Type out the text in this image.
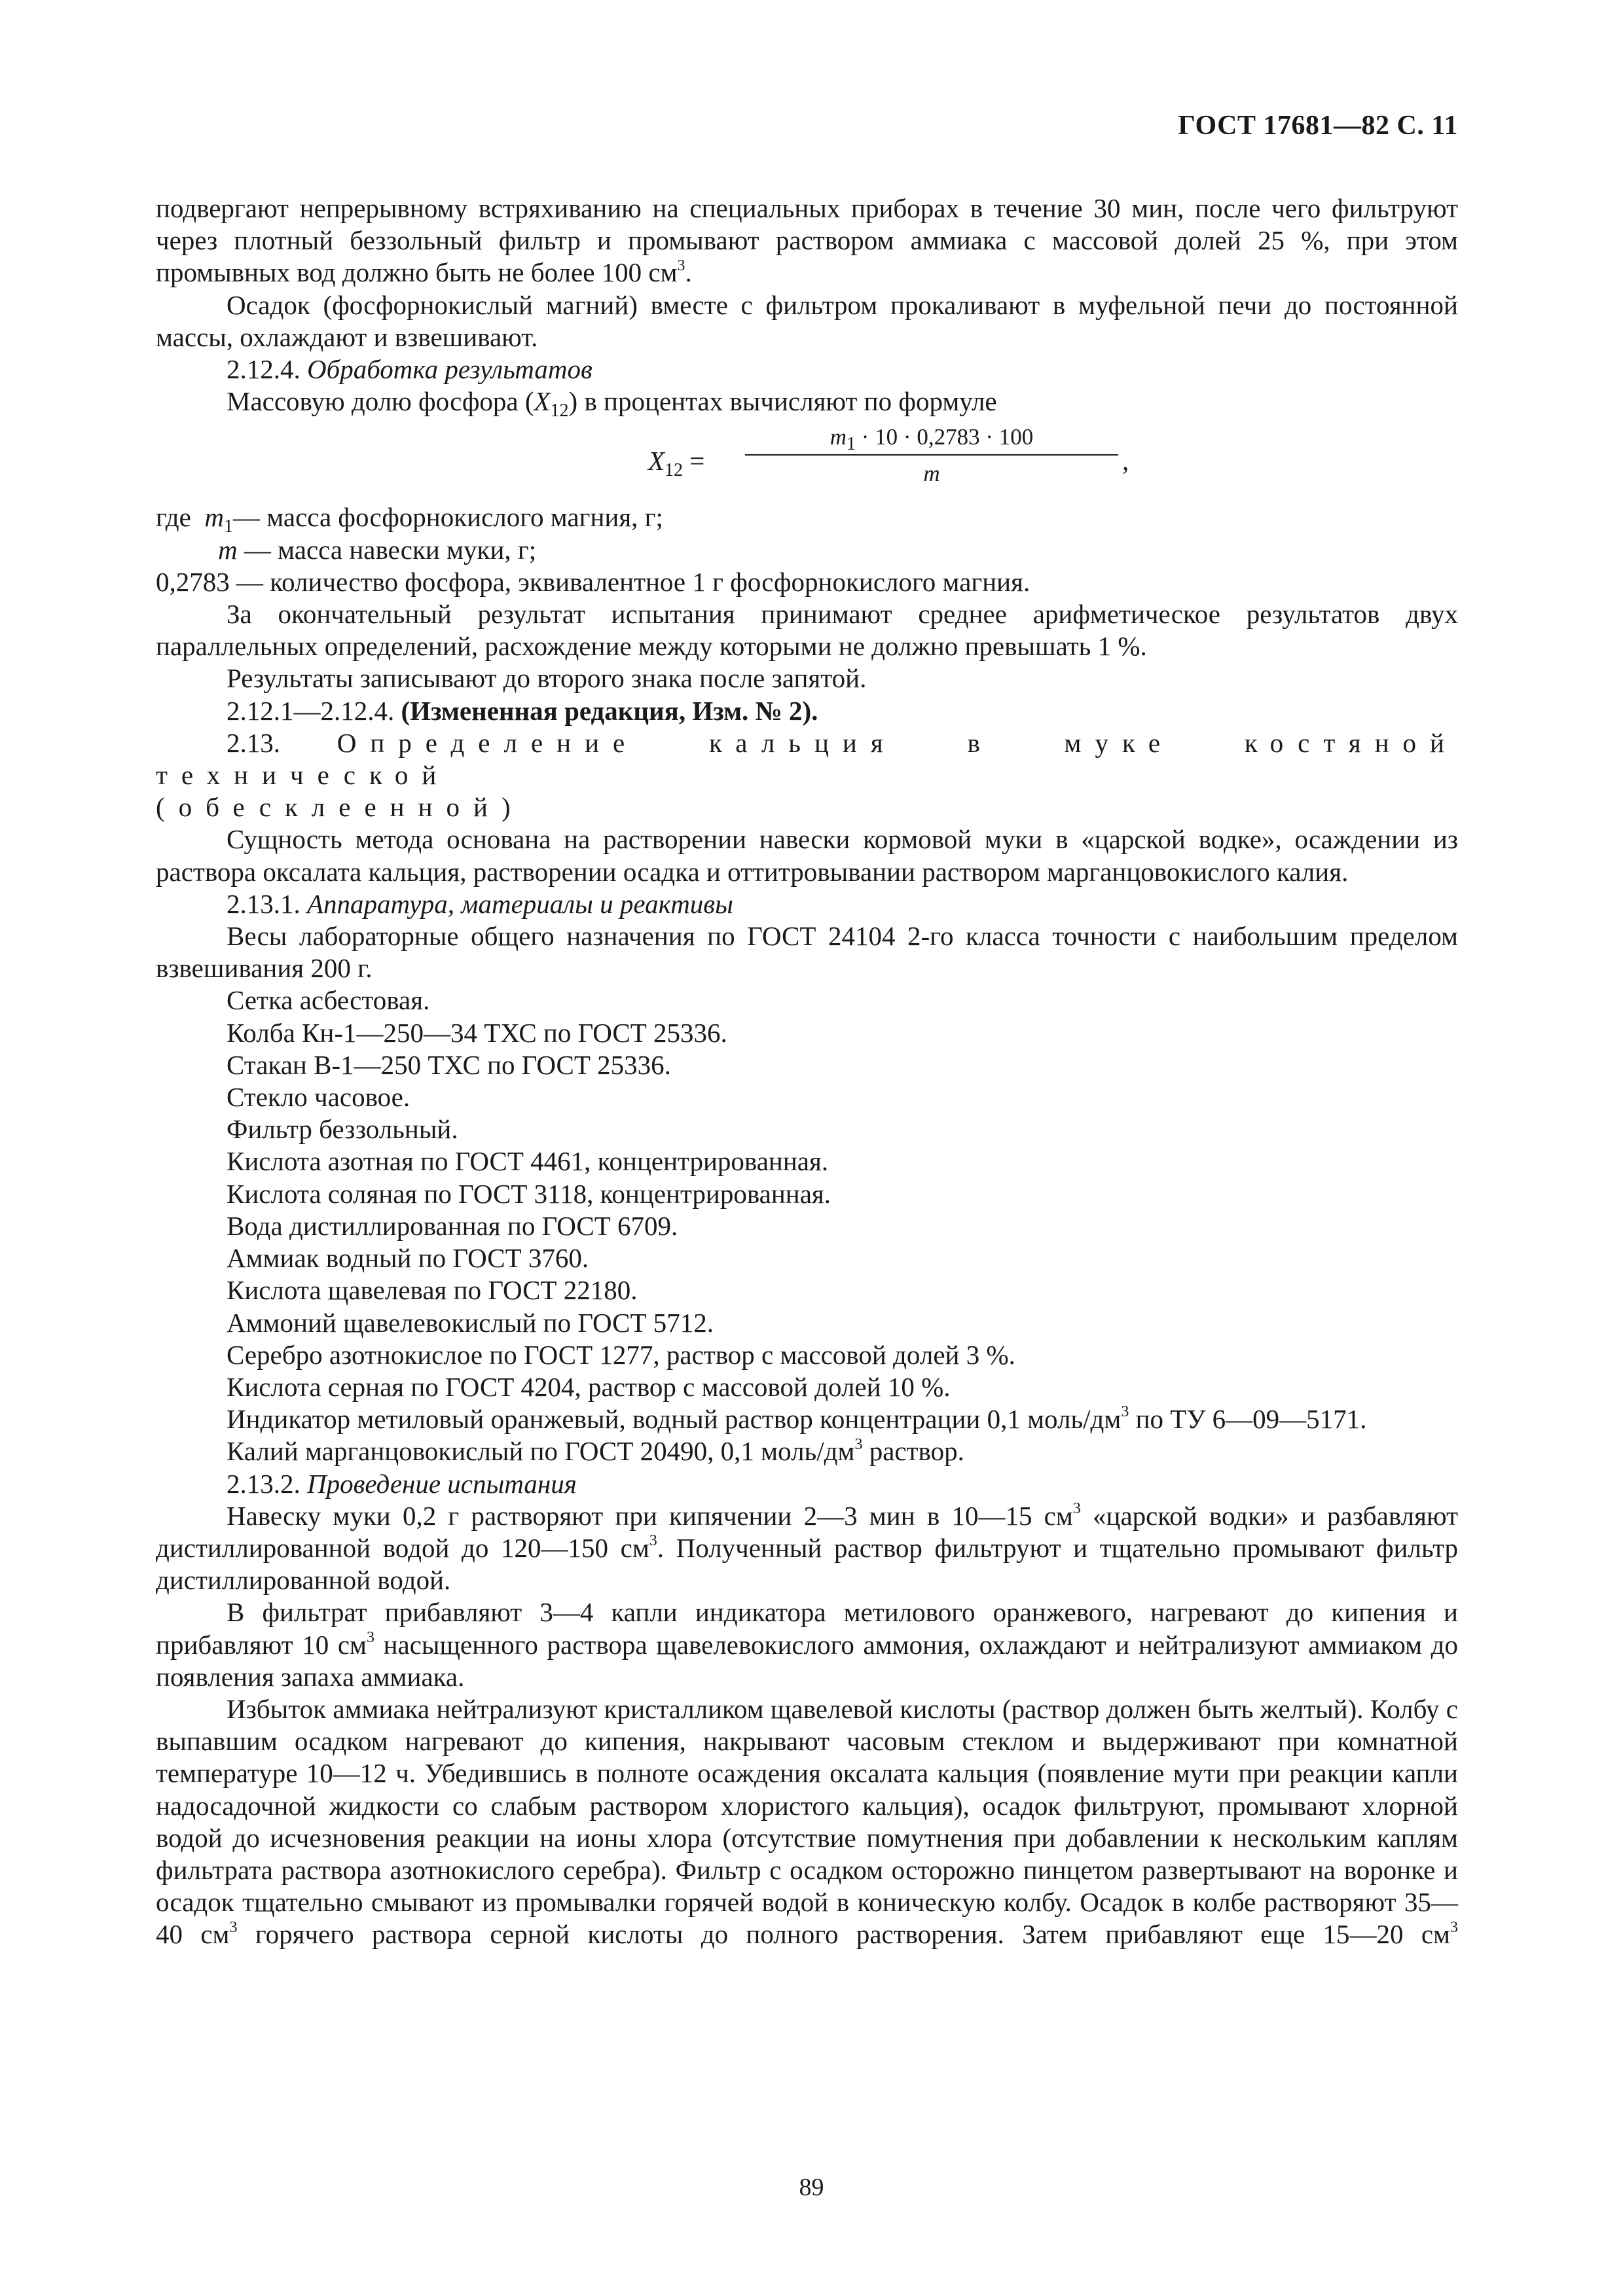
ГОСТ 17681—82 С. 11

подвергают непрерывному встряхиванию на специальных приборах в течение 30 мин, после чего фильтруют через плотный беззольный фильтр и промывают раствором аммиака с массовой долей 25 %, при этом промывных вод должно быть не более 100 $см^3$.

Осадок (фосфорнокислый магний) вместе с фильтром прокаливают в муфельной печи до постоянной массы, охлаждают и взвешивают.

2.12.4. Обработка результатов

Массовую долю фосфора $(X_{12})$ в процентах вычисляют по формуле

$X_{12}$ =
$m_1 \cdot 10 \cdot 0,2783 \cdot 100$
m	,

где $m_1—$ масса фосфорнокислого магния, г;

m — масса навески муки, г;

0,2783 — количество фосфора, эквивалентное 1 г фосфорнокислого магния.

За окончательный результат испытания принимают среднее арифметическое результатов двух параллельных определений, расхождение между которыми не должно превышать 1 %.

Результаты записывают до второго знака после запятой.

2.12.1—2.12.4. (Измененная редакция, Изм. № 2).

2.13. Определение кальция в муке костяной технической

(обесклеенной)

Сущность метода основана на растворении навески кормовой муки в «царской водке», осаждении из раствора оксалата кальция, растворении осадка и оттитровывании раствором марганцовокислого калия.

2.13.1. Аппаратура, материалы и реактивы

Весы лабораторные общего назначения по ГОСТ 24104 2-го класса точности с наибольшим пределом взвешивания 200 г.

Сетка асбестовая.

Колба Кн-1—250—34 ТХС по ГОСТ 25336.

Стакан В-1—250 ТХС по ГОСТ 25336.

Стекло часовое.

Фильтр беззольный.

Кислота азотная по ГОСТ 4461, концентрированная.

Кислота соляная по ГОСТ 3118, концентрированная.

Вода дистиллированная по ГОСТ 6709.

Аммиак водный по ГОСТ 3760.

Кислота щавелевая по ГОСТ 22180.

Аммоний щавелевокислый по ГОСТ 5712.

Серебро азотнокислое по ГОСТ 1277, раствор с массовой долей 3 %.

Кислота серная по ГОСТ 4204, раствор с массовой долей 10 %.

Индикатор метиловый оранжевый, водный раствор концентрации 0,1 моль/$дм^3$ по ТУ 6—09—5171.

Калий марганцовокислый по ГОСТ 20490, 0,1 моль/$дм^3$ раствор.

2.13.2. Проведение испытания

Навеску муки 0,2 г растворяют при кипячении 2—3 мин в 10—15 $см^3$ «царской водки» и разбавляют дистиллированной водой до 120—150 $см^3$. Полученный раствор фильтруют и тщательно промывают фильтр дистиллированной водой.

В фильтрат прибавляют 3—4 капли индикатора метилового оранжевого, нагревают до кипения и прибавляют 10 $см^3$ насыщенного раствора щавелевокислого аммония, охлаждают и нейтрализуют аммиаком до появления запаха аммиака.

Избыток аммиака нейтрализуют кристалликом щавелевой кислоты (раствор должен быть желтый). Колбу с выпавшим осадком нагревают до кипения, накрывают часовым стеклом и выдерживают при комнатной температуре 10—12 ч. Убедившись в полноте осаждения оксалата кальция (появление мути при реакции капли надосадочной жидкости со слабым раствором хлористого кальция), осадок фильтруют, промывают хлорной водой до исчезновения реакции на ионы хлора (отсутствие помутнения при добавлении к нескольким каплям фильтрата раствора азотнокислого серебра). Фильтр с осадком осторожно пинцетом развертывают на воронке и осадок тщательно смывают из промывалки горячей водой в коническую колбу. Осадок в колбе растворяют 35—40 $см^3$ горячего раствора серной кислоты до полного растворения. Затем прибавляют еще 15—20 $см^3$

89
